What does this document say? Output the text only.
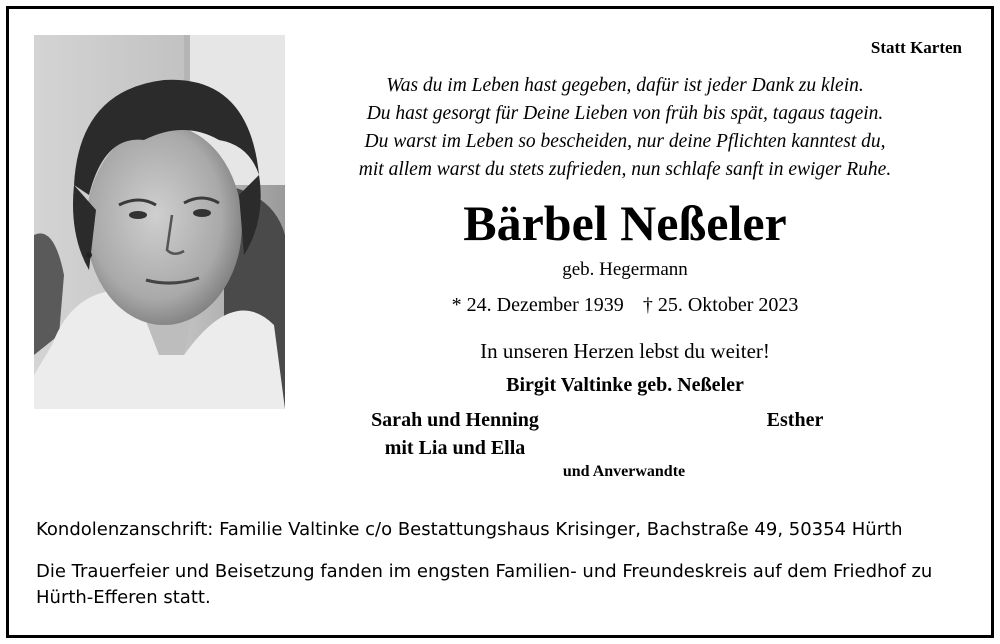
Statt Karten
Was du im Leben hast gegeben, dafür ist jeder Dank zu klein.
Du hast gesorgt für Deine Lieben von früh bis spät, tagaus tagein.
Du warst im Leben so bescheiden, nur deine Pflichten kanntest du,
mit allem warst du stets zufrieden, nun schlafe sanft in ewiger Ruhe.
Bärbel Neßeler
geb. Hegermann
* 24. Dezember 1939 † 25. Oktober 2023
In unseren Herzen lebst du weiter!
Birgit Valtinke geb. Neßeler
Sarah und Henning
mit Lia und Ella
Esther
und Anverwandte
Kondolenzanschrift: Familie Valtinke c/o Bestattungshaus Krisinger, Bachstraße 49, 50354 Hürth
Die Trauerfeier und Beisetzung fanden im engsten Familien- und Freundeskreis auf dem Friedhof zu Hürth-Efferen statt.
